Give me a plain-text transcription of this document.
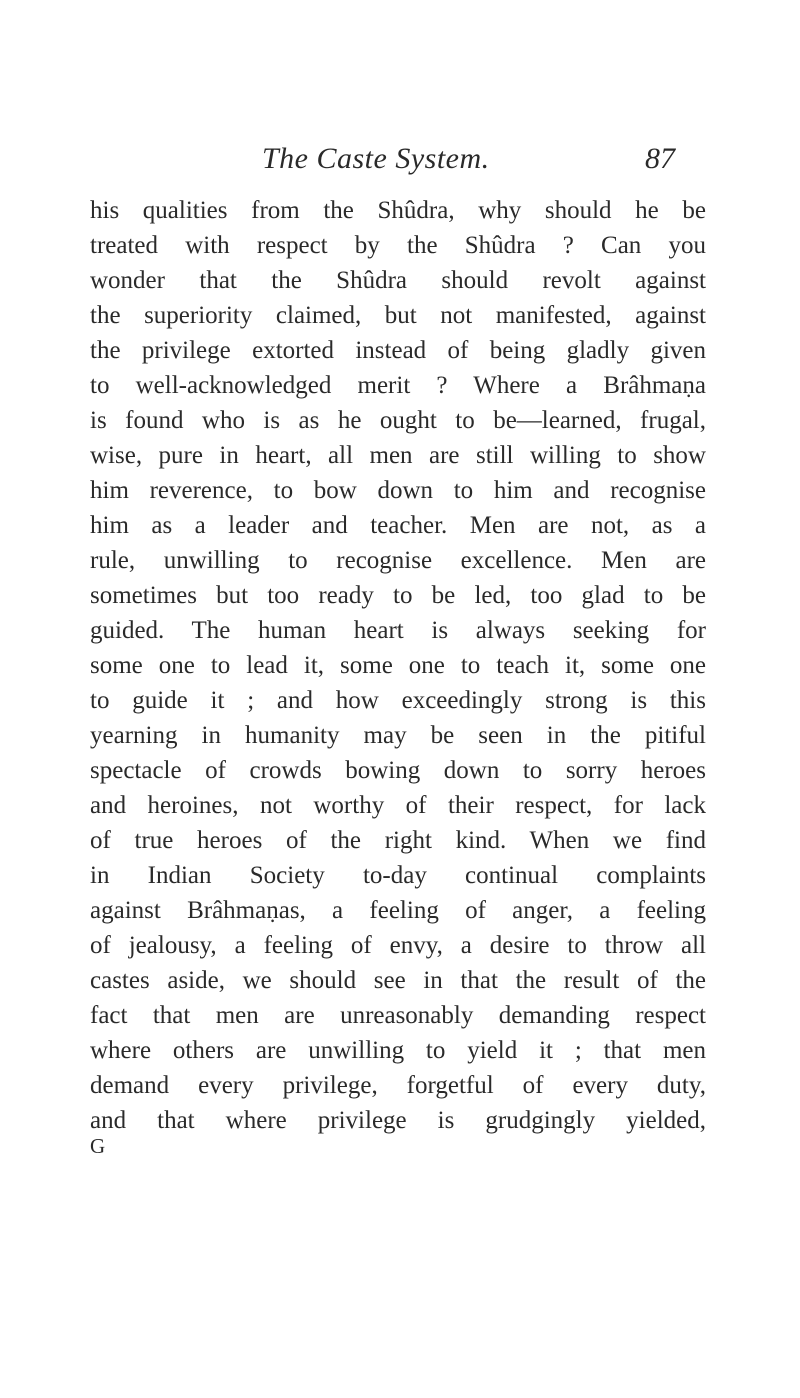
The Caste System.	87
his qualities from the Shûdra, why should he be
treated with respect by the Shûdra ? Can you
wonder that the Shûdra should revolt against
the superiority claimed, but not manifested, against
the privilege extorted instead of being gladly given
to well-acknowledged merit ? Where a Brâhmaṇa
is found who is as he ought to be—learned, frugal,
wise, pure in heart, all men are still willing to show
him reverence, to bow down to him and recognise
him as a leader and teacher. Men are not, as a
rule, unwilling to recognise excellence. Men are
sometimes but too ready to be led, too glad to be
guided. The human heart is always seeking for
some one to lead it, some one to teach it, some one
to guide it ; and how exceedingly strong is this
yearning in humanity may be seen in the pitiful
spectacle of crowds bowing down to sorry heroes
and heroines, not worthy of their respect, for lack
of true heroes of the right kind. When we find
in Indian Society to-day continual complaints
against Brâhmaṇas, a feeling of anger, a feeling
of jealousy, a feeling of envy, a desire to throw all
castes aside, we should see in that the result of the
fact that men are unreasonably demanding respect
where others are unwilling to yield it ; that men
demand every privilege, forgetful of every duty,
and that where privilege is grudgingly yielded,
G
